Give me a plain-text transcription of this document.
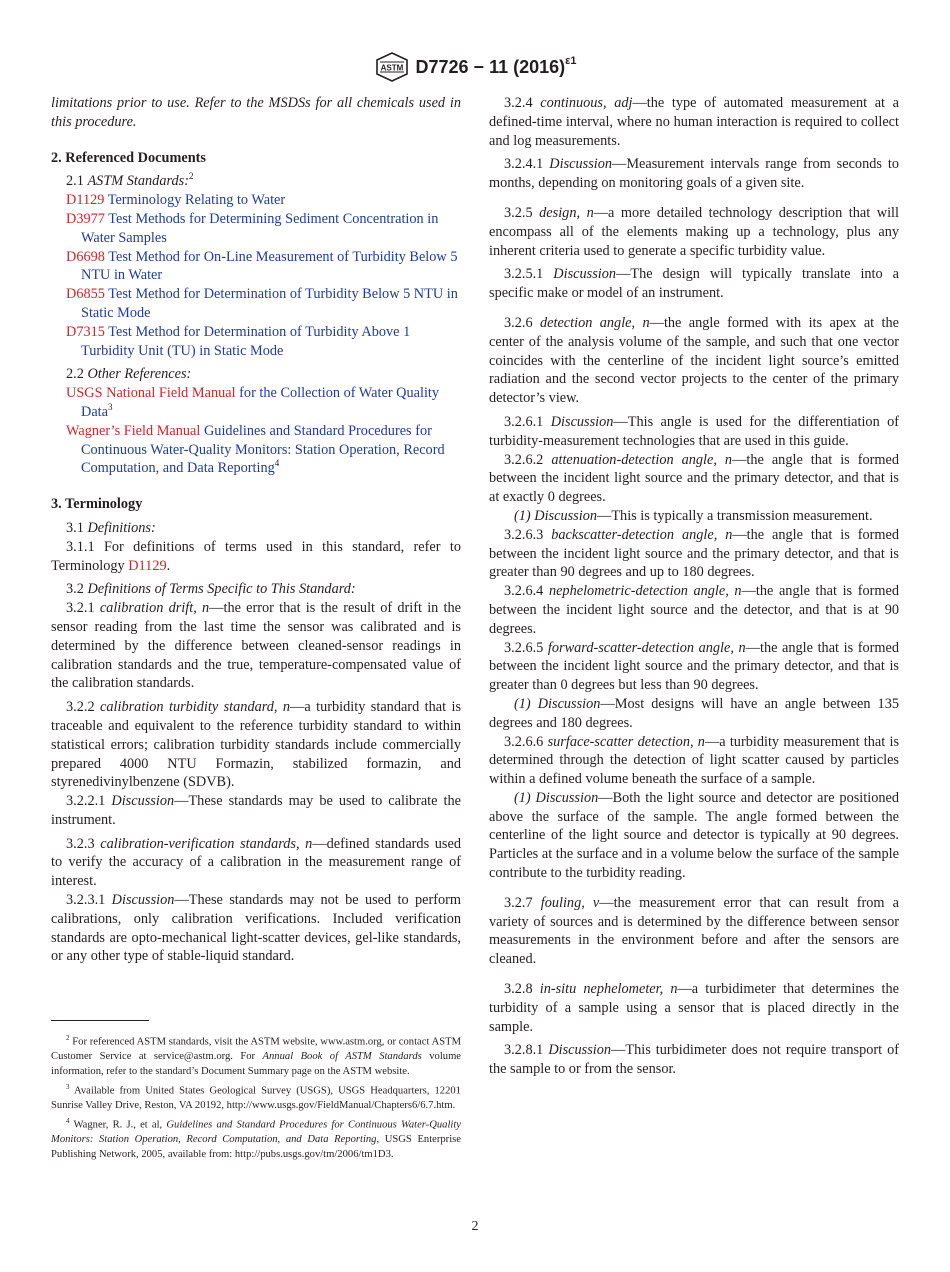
ASTM D7726 − 11 $(2016)^{\varepsilon 1}$

limitations prior to use. Refer to the MSDSs for all chemicals used in this procedure.

2. Referenced Documents

2.1 ASTM Standards:$^2$

D1129 Terminology Relating to Water

D3977 Test Methods for Determining Sediment Concentration in Water Samples

D6698 Test Method for On-Line Measurement of Turbidity Below 5 NTU in Water

D6855 Test Method for Determination of Turbidity Below 5 NTU in Static Mode

D7315 Test Method for Determination of Turbidity Above 1 Turbidity Unit (TU) in Static Mode

2.2 Other References:

USGS National Field Manual for the Collection of Water Quality Data$^3$

Wagner’s Field Manual Guidelines and Standard Procedures for Continuous Water-Quality Monitors: Station Operation, Record Computation, and Data Reporting$^4$

3. Terminology

3.1 Definitions:

3.1.1 For definitions of terms used in this standard, refer to Terminology D1129.

3.2 Definitions of Terms Specific to This Standard:

3.2.1 calibration drift, n—the error that is the result of drift in the sensor reading from the last time the sensor was calibrated and is determined by the difference between cleaned-sensor readings in calibration standards and the true, temperature-compensated value of the calibration standards.

3.2.2 calibration turbidity standard, n—a turbidity standard that is traceable and equivalent to the reference turbidity standard to within statistical errors; calibration turbidity standards include commercially prepared 4000 NTU Formazin, stabilized formazin, and styrenedivinylbenzene (SDVB).

3.2.2.1 Discussion—These standards may be used to calibrate the instrument.

3.2.3 calibration-verification standards, n—defined standards used to verify the accuracy of a calibration in the measurement range of interest.

3.2.3.1 Discussion—These standards may not be used to perform calibrations, only calibration verifications. Included verification standards are opto-mechanical light-scatter devices, gel-like standards, or any other type of stable-liquid standard.

$^2$ For referenced ASTM standards, visit the ASTM website, www.astm.org, or contact ASTM Customer Service at service@astm.org. For Annual Book of ASTM Standards volume information, refer to the standard’s Document Summary page on the ASTM website.

$^3$ Available from United States Geological Survey (USGS), USGS Headquarters, 12201 Sunrise Valley Drive, Reston, VA 20192, http://www.usgs.gov/FieldManual/Chapters6/6.7.htm.

$^4$ Wagner, R. J., et al, Guidelines and Standard Procedures for Continuous Water-Quality Monitors: Station Operation, Record Computation, and Data Reporting, USGS Enterprise Publishing Network, 2005, available from: http://pubs.usgs.gov/tm/2006/tm1D3.

3.2.4 continuous, adj—the type of automated measurement at a defined-time interval, where no human interaction is required to collect and log measurements.

3.2.4.1 Discussion—Measurement intervals range from seconds to months, depending on monitoring goals of a given site.

3.2.5 design, n—a more detailed technology description that will encompass all of the elements making up a technology, plus any inherent criteria used to generate a specific turbidity value.

3.2.5.1 Discussion—The design will typically translate into a specific make or model of an instrument.

3.2.6 detection angle, n—the angle formed with its apex at the center of the analysis volume of the sample, and such that one vector coincides with the centerline of the incident light source’s emitted radiation and the second vector projects to the center of the primary detector’s view.

3.2.6.1 Discussion—This angle is used for the differentiation of turbidity-measurement technologies that are used in this guide.

3.2.6.2 attenuation-detection angle, n—the angle that is formed between the incident light source and the primary detector, and that is at exactly 0 degrees.

(1) Discussion—This is typically a transmission measurement.

3.2.6.3 backscatter-detection angle, n—the angle that is formed between the incident light source and the primary detector, and that is greater than 90 degrees and up to 180 degrees.

3.2.6.4 nephelometric-detection angle, n—the angle that is formed between the incident light source and the detector, and that is at 90 degrees.

3.2.6.5 forward-scatter-detection angle, n—the angle that is formed between the incident light source and the primary detector, and that is greater than 0 degrees but less than 90 degrees.

(1) Discussion—Most designs will have an angle between 135 degrees and 180 degrees.

3.2.6.6 surface-scatter detection, n—a turbidity measurement that is determined through the detection of light scatter caused by particles within a defined volume beneath the surface of a sample.

(1) Discussion—Both the light source and detector are positioned above the surface of the sample. The angle formed between the centerline of the light source and detector is typically at 90 degrees. Particles at the surface and in a volume below the surface of the sample contribute to the turbidity reading.

3.2.7 fouling, v—the measurement error that can result from a variety of sources and is determined by the difference between sensor measurements in the environment before and after the sensors are cleaned.

3.2.8 in-situ nephelometer, n—a turbidimeter that determines the turbidity of a sample using a sensor that is placed directly in the sample.

3.2.8.1 Discussion—This turbidimeter does not require transport of the sample to or from the sensor.

2
